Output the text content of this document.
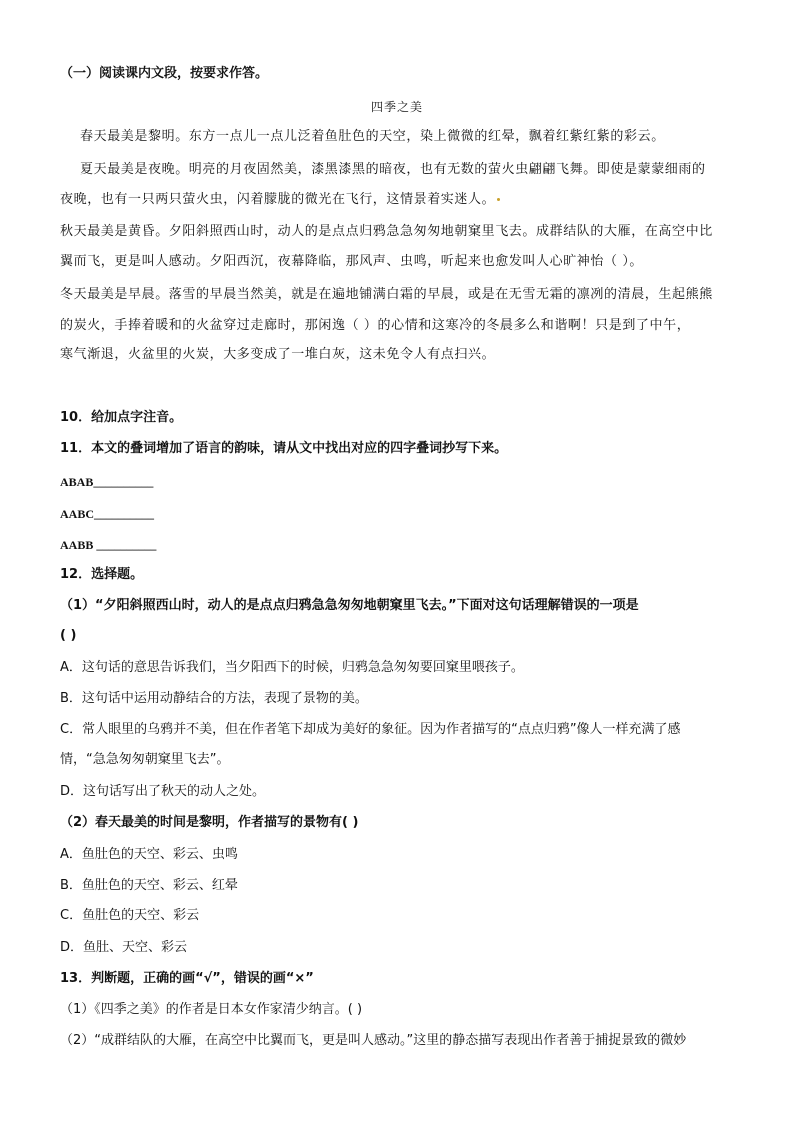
（一）阅读课内文段，按要求作答。
四季之美
春天最美是黎明。东方一点儿一点儿泛着鱼肚色的天空，染上微微的红晕，飘着红紫红紫的彩云。
夏天最美是夜晚。明亮的月夜固然美，漆黑漆黑的暗夜，也有无数的萤火虫翩翩飞舞。即使是蒙蒙细雨的
夜晚，也有一只两只萤火虫，闪着朦胧的微光在飞行，这情景着实迷人。
秋天最美是黄昏。夕阳斜照西山时，动人的是点点归鸦急急匆匆地朝窠里飞去。成群结队的大雁，在高空中比
翼而飞，更是叫人感动。夕阳西沉，夜幕降临，那风声、虫鸣，听起来也愈发叫人心旷神怡（ ）。
冬天最美是早晨。落雪的早晨当然美，就是在遍地铺满白霜的早晨，或是在无雪无霜的凛冽的清晨，生起熊熊
的炭火，手捧着暖和的火盆穿过走廊时，那闲逸（ ）的心情和这寒冷的冬晨多么和谐啊！只是到了中午，
寒气渐退，火盆里的火炭，大多变成了一堆白灰，这未免令人有点扫兴。
10．给加点字注音。
11．本文的叠词增加了语言的韵味，请从文中找出对应的四字叠词抄写下来。
ABAB__________
AABC__________
AABB __________
12．选择题。
（1）“夕阳斜照西山时，动人的是点点归鸦急急匆匆地朝窠里飞去。”下面对这句话理解错误的一项是
( )
A．这句话的意思告诉我们，当夕阳西下的时候，归鸦急急匆匆要回窠里喂孩子。
B．这句话中运用动静结合的方法，表现了景物的美。
C．常人眼里的乌鸦并不美，但在作者笔下却成为美好的象征。因为作者描写的“点点归鸦”像人一样充满了感
情，“急急匆匆朝窠里飞去”。
D．这句话写出了秋天的动人之处。
（2）春天最美的时间是黎明，作者描写的景物有( )
A．鱼肚色的天空、彩云、虫鸣
B．鱼肚色的天空、彩云、红晕
C．鱼肚色的天空、彩云
D．鱼肚、天空、彩云
13．判断题，正确的画“√”，错误的画“×”
（1）《四季之美》的作者是日本女作家清少纳言。( )
（2）“成群结队的大雁，在高空中比翼而飞，更是叫人感动。”这里的静态描写表现出作者善于捕捉景致的微妙
